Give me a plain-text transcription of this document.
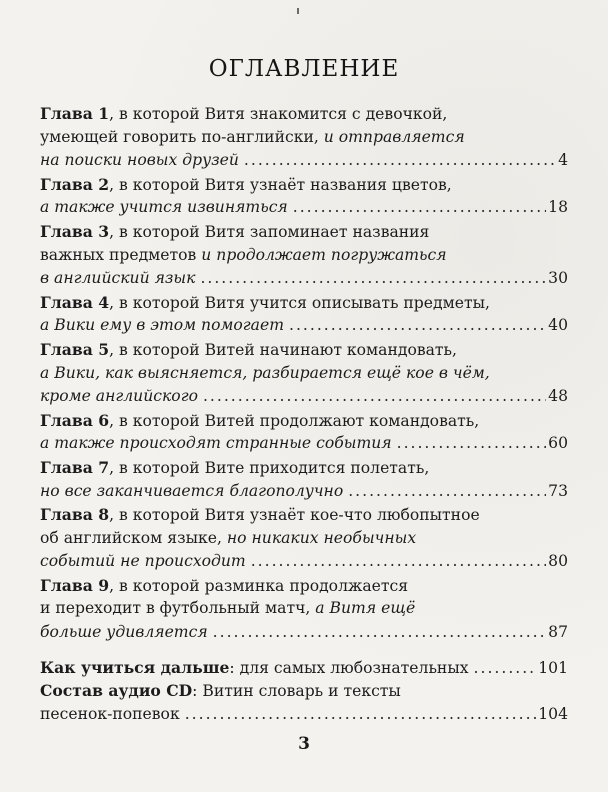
ОГЛАВЛЕНИЕ
Глава 1, в которой Витя знакомится с девочкой,
умеющей говорить по-английски, и отправляется
на поиски новых друзей .....	4
Глава 2, в которой Витя узнаёт названия цветов,
а также учится извиняться .....	18
Глава 3, в которой Витя запоминает названия
важных предметов и продолжает погружаться
в английский язык .....	30
Глава 4, в которой Витя учится описывать предметы,
а Вики ему в этом помогает .....	40
Глава 5, в которой Витей начинают командовать,
а Вики, как выясняется, разбирается ещё кое в чём,
кроме английского .....	48
Глава 6, в которой Витей продолжают командовать,
а также происходят странные события .....	60
Глава 7, в которой Вите приходится полетать,
но все заканчивается благополучно .....	73
Глава 8, в которой Витя узнаёт кое-что любопытное
об английском языке, но никаких необычных
событий не происходит .....	80
Глава 9, в которой разминка продолжается
и переходит в футбольный матч, а Витя ещё
больше удивляется .....	87
Как учиться дальше: для самых любознательных .....	101
Состав аудио CD: Витин словарь и тексты
песенок-попевок .....	104
3
